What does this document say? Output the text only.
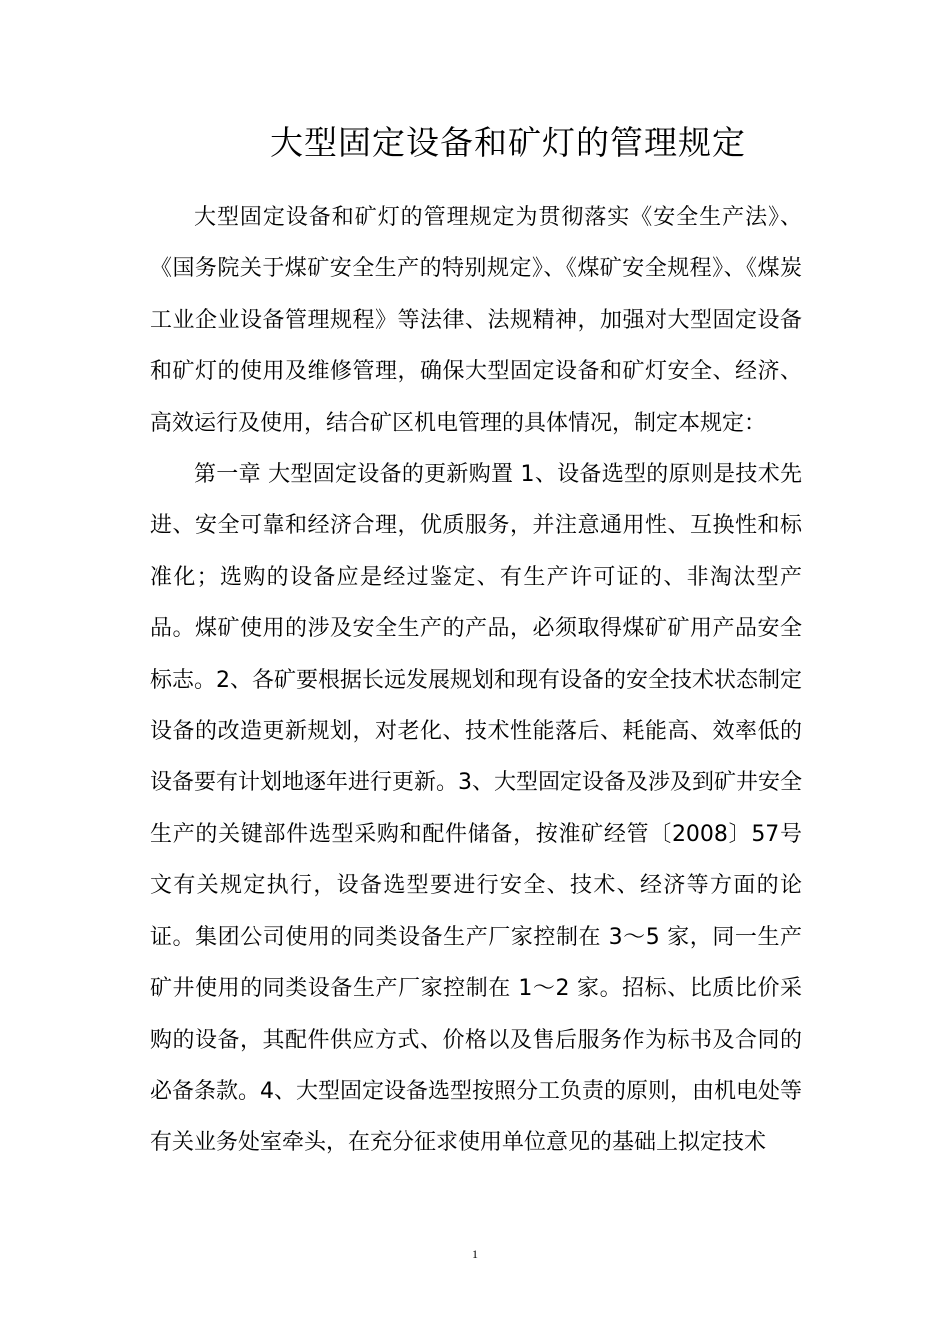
大型固定设备和矿灯的管理规定

大型固定设备和矿灯的管理规定为贯彻落实《安全生产法》、《国务院关于煤矿安全生产的特别规定》、《煤矿安全规程》、《煤炭工业企业设备管理规程》等法律、法规精神，加强对大型固定设备和矿灯的使用及维修管理，确保大型固定设备和矿灯安全、经济、高效运行及使用，结合矿区机电管理的具体情况，制定本规定：

第一章 大型固定设备的更新购置 1、设备选型的原则是技术先进、安全可靠和经济合理，优质服务，并注意通用性、互换性和标准化；选购的设备应是经过鉴定、有生产许可证的、非淘汰型产品。煤矿使用的涉及安全生产的产品，必须取得煤矿矿用产品安全标志。2、各矿要根据长远发展规划和现有设备的安全技术状态制定设备的改造更新规划，对老化、技术性能落后、耗能高、效率低的设备要有计划地逐年进行更新。3、大型固定设备及涉及到矿井安全生产的关键部件选型采购和配件储备，按淮矿经管〔2008〕57号文有关规定执行，设备选型要进行安全、技术、经济等方面的论证。集团公司使用的同类设备生产厂家控制在 3～5 家，同一生产矿井使用的同类设备生产厂家控制在 1～2 家。招标、比质比价采购的设备，其配件供应方式、价格以及售后服务作为标书及合同的必备条款。4、大型固定设备选型按照分工负责的原则，由机电处等有关业务处室牵头，在充分征求使用单位意见的基础上拟定技术

1
